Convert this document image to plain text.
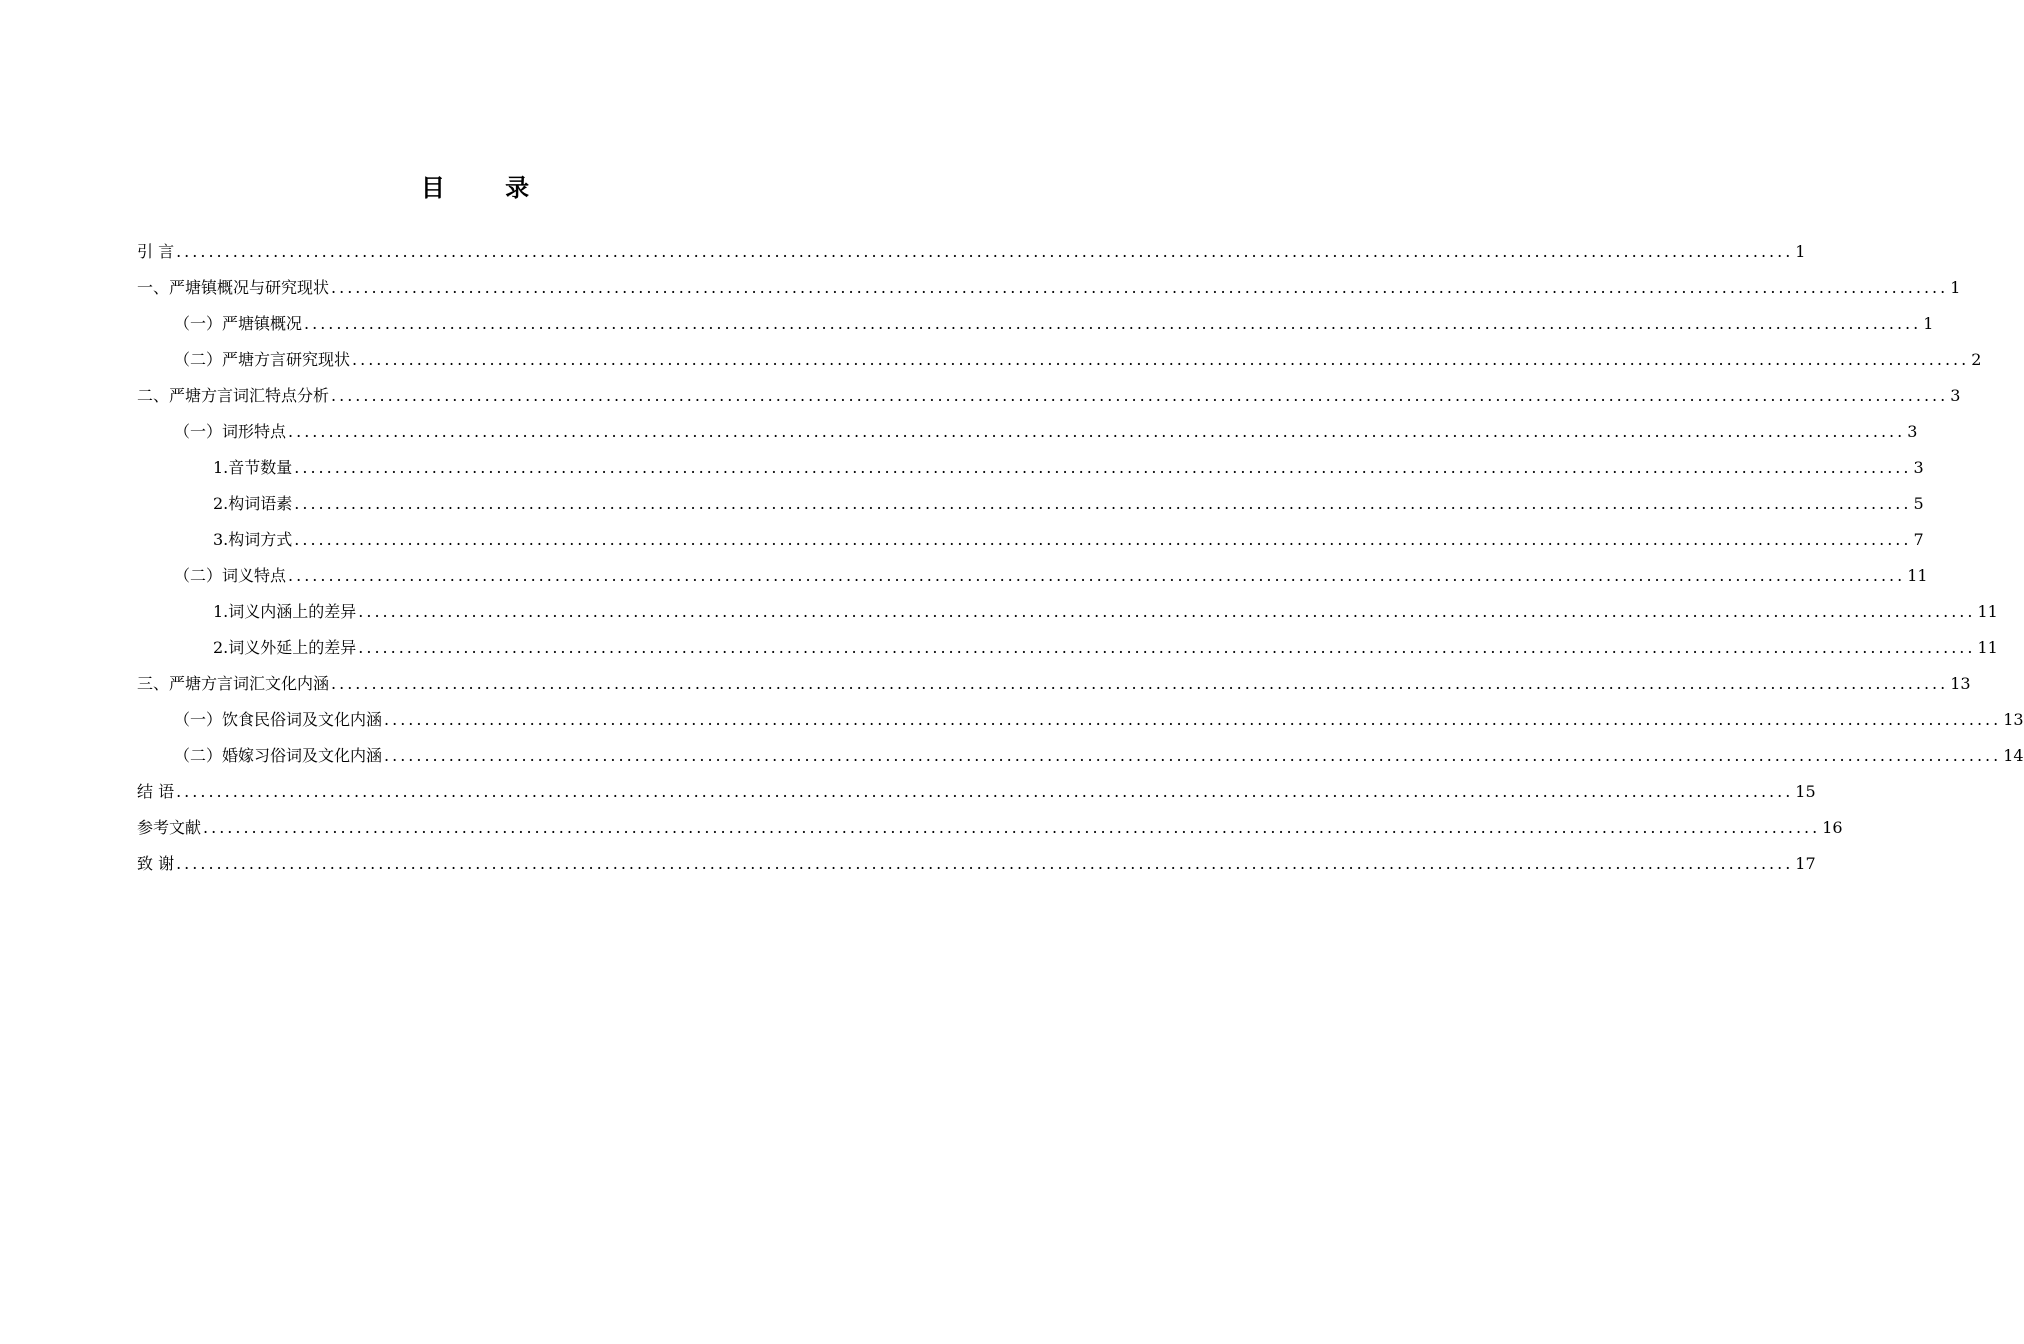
目 录
引 言 ........................................................................................................................................................................................................ 1
一、严塘镇概况与研究现状 ........................................................................................................................................................................................................ 1
（一）严塘镇概况 ........................................................................................................................................................................................................ 1
（二）严塘方言研究现状 ........................................................................................................................................................................................................ 2
二、严塘方言词汇特点分析 ........................................................................................................................................................................................................ 3
（一）词形特点 ........................................................................................................................................................................................................ 3
1.音节数量 ........................................................................................................................................................................................................ 3
2.构词语素 ........................................................................................................................................................................................................ 5
3.构词方式 ........................................................................................................................................................................................................ 7
（二）词义特点 ........................................................................................................................................................................................................ 11
1.词义内涵上的差异 ........................................................................................................................................................................................................ 11
2.词义外延上的差异 ........................................................................................................................................................................................................ 11
三、严塘方言词汇文化内涵 ........................................................................................................................................................................................................ 13
（一）饮食民俗词及文化内涵 ........................................................................................................................................................................................................ 13
（二）婚嫁习俗词及文化内涵 ........................................................................................................................................................................................................ 14
结 语 ........................................................................................................................................................................................................ 15
参考文献 ........................................................................................................................................................................................................ 16
致 谢 ........................................................................................................................................................................................................ 17
